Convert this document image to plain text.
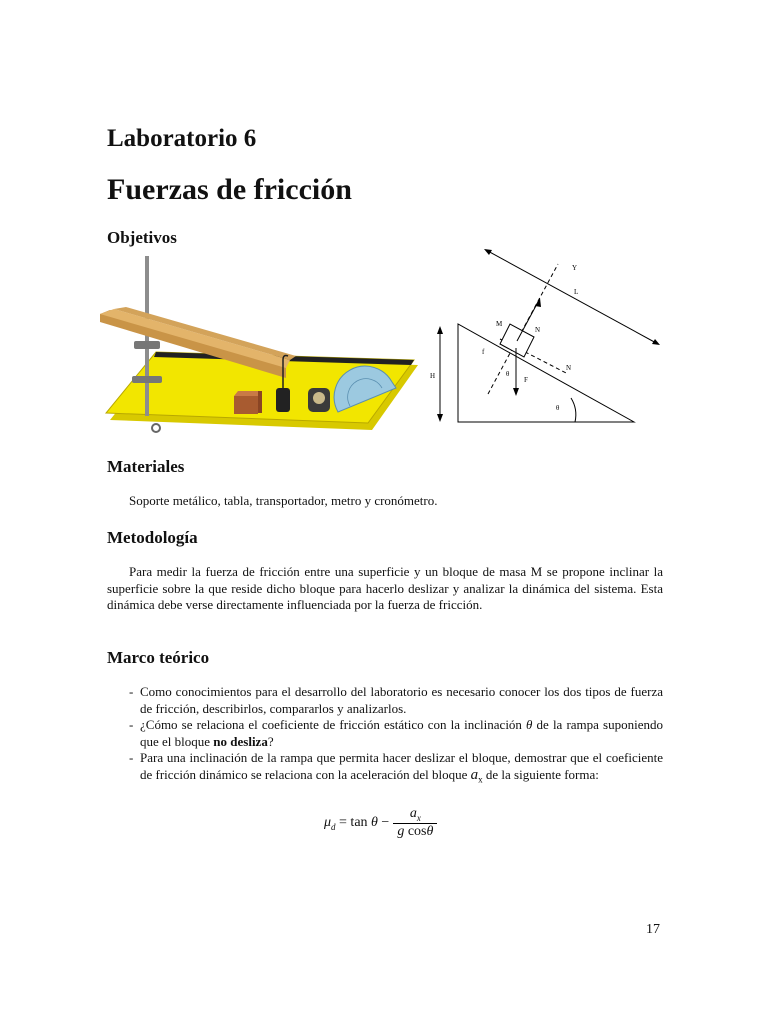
Laboratorio 6
Fuerzas de fricción
Objetivos
H
Y
L
M
N
f
N
F
θ
θ
Materiales
Soporte metálico, tabla, transportador, metro y cronómetro.
Metodología
Para medir la fuerza de fricción entre una superficie y un bloque de masa M se propone inclinar la superficie sobre la que reside dicho bloque para hacerlo deslizar y analizar la dinámica del sistema. Esta dinámica debe verse directamente influenciada por la fuerza de fricción.
Marco teórico
- Como conocimientos para el desarrollo del laboratorio es necesario conocer los dos tipos de fuerza de fricción, describirlos, compararlos y analizarlos.
- ¿Cómo se relaciona el coeficiente de fricción estático con la inclinación θ de la rampa suponiendo que el bloque no desliza?
- Para una inclinación de la rampa que permita hacer deslizar el bloque, demostrar que el coeficiente de fricción dinámico se relaciona con la aceleración del bloque $a_x$ de la siguiente forma:
$\mu_d = \tan \theta$ −	$a_x$
g cosθ
17
